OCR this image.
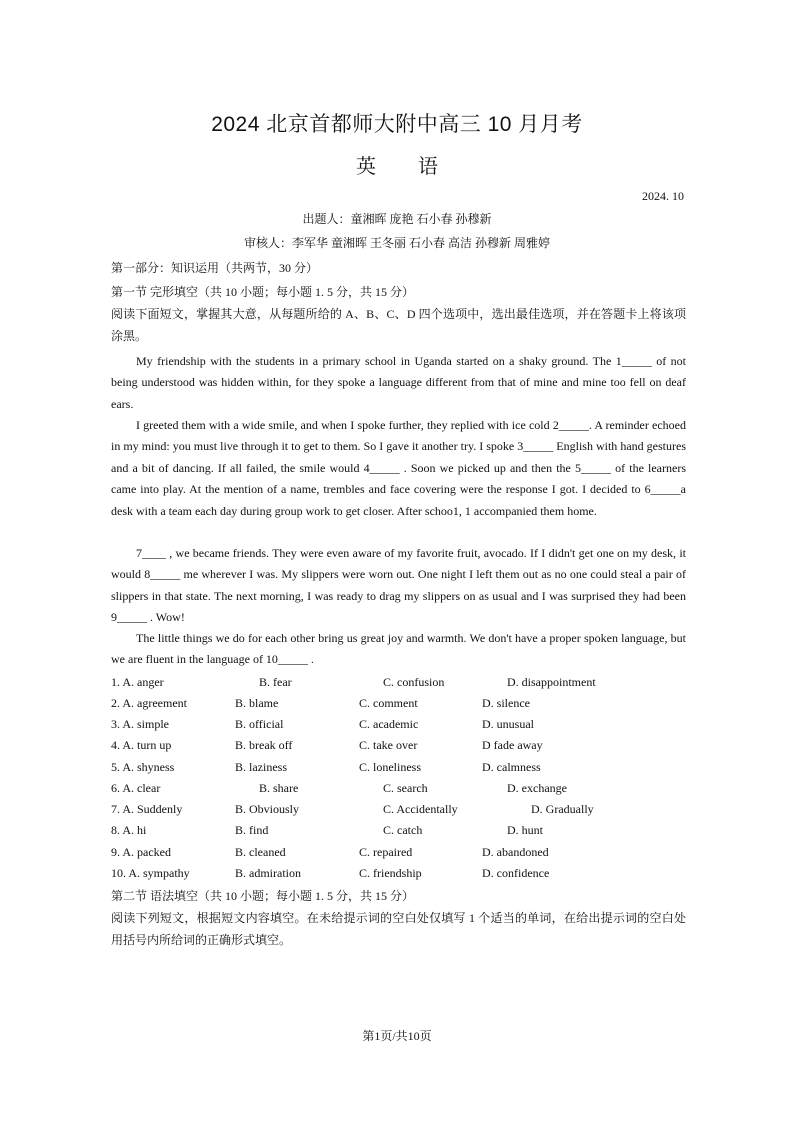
2024 北京首都师大附中高三 10 月月考
英语
2024. 10
出题人：童湘晖 庞艳 石小春 孙穆新
审核人：李军华 童湘晖 王冬丽 石小春 高洁 孙穆新 周雅婷
第一部分：知识运用（共两节，30 分）
第一节 完形填空（共 10 小题；每小题 1. 5 分，共 15 分）
阅读下面短文，掌握其大意，从每题所给的 A、B、C、D 四个选项中，选出最佳选项，并在答题卡上将该项涂黑。
My friendship with the students in a primary school in Uganda started on a shaky ground. The 1_____ of not being understood was hidden within, for they spoke a language different from that of mine and mine too fell on deaf ears.
I greeted them with a wide smile, and when I spoke further, they replied with ice cold 2_____. A reminder echoed in my mind: you must live through it to get to them. So I gave it another try. I spoke 3_____ English with hand gestures and a bit of dancing. If all failed, the smile would 4_____ . Soon we picked up and then the 5_____ of the learners came into play. At the mention of a name, trembles and face covering were the response I got. I decided to 6_____a desk with a team each day during group work to get closer. After schoo1, 1 accompanied them home.
7____ , we became friends. They were even aware of my favorite fruit, avocado. If I didn't get one on my desk, it would 8_____ me wherever I was. My slippers were worn out. One night I left them out as no one could steal a pair of slippers in that state. The next morning, I was ready to drag my slippers on as usual and I was surprised they had been 9_____ . Wow!
The little things we do for each other bring us great joy and warmth. We don't have a proper spoken language, but we are fluent in the language of 10_____ .
1. A. anger	B. fear	C. confusion	D. disappointment
2. A. agreement	B. blame	C. comment	D. silence
3. A. simple	B. official	C. academic	D. unusual
4. A. turn up	B. break off	C. take over	D fade away
5. A. shyness	B. laziness	C. loneliness	D. calmness
6. A. clear	B. share	C. search	D. exchange
7. A. Suddenly	B. Obviously	C. Accidentally	D. Gradually
8. A. hi	B. find	C. catch	D. hunt
9. A. packed	B. cleaned	C. repaired	D. abandoned
10. A. sympathy	B. admiration	C. friendship	D. confidence
第二节 语法填空（共 10 小题；每小题 1. 5 分，共 15 分）
阅读下列短文，根据短文内容填空。在未给提示词的空白处仅填写 1 个适当的单词，在给出提示词的空白处用括号内所给词的正确形式填空。
第1页/共10页
